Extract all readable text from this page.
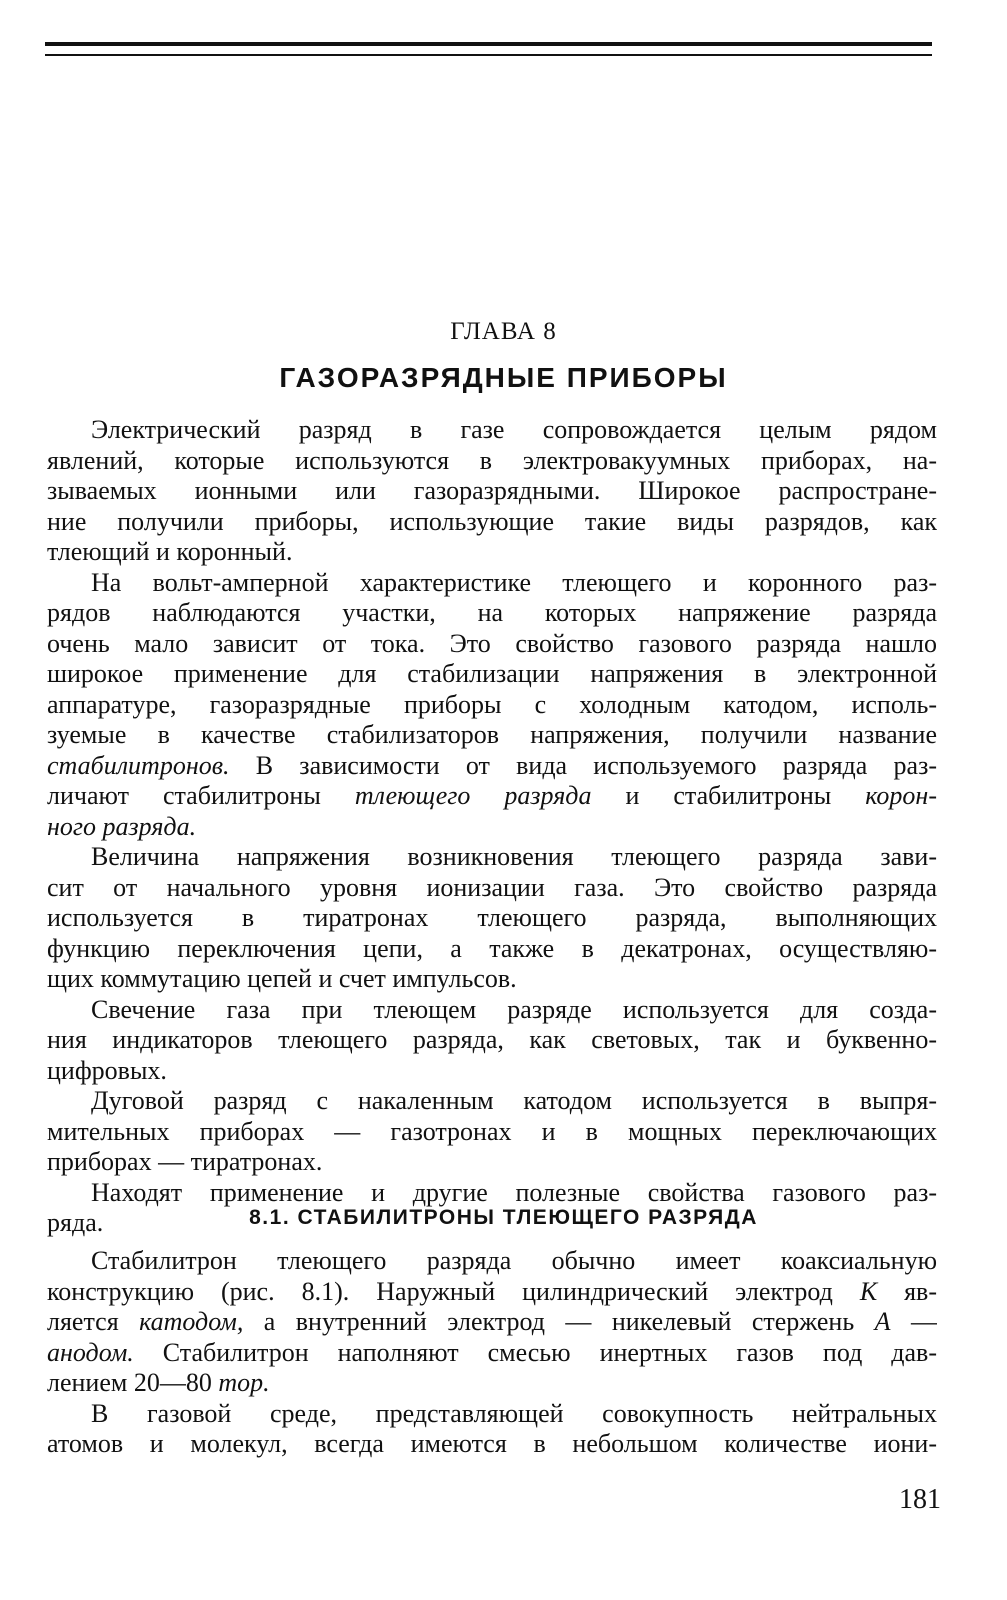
ГЛАВА 8
ГАЗОРАЗРЯДНЫЕ ПРИБОРЫ
Электрический разряд в газе сопровождается целым рядом
явлений, которые используются в электровакуумных приборах, на-
зываемых ионными или газоразрядными. Широкое распростране-
ние получили приборы, использующие такие виды разрядов, как
тлеющий и коронный.
На вольт-амперной характеристике тлеющего и коронного раз-
рядов наблюдаются участки, на которых напряжение разряда
очень мало зависит от тока. Это свойство газового разряда нашло
широкое применение для стабилизации напряжения в электронной
аппаратуре, газоразрядные приборы с холодным катодом, исполь-
зуемые в качестве стабилизаторов напряжения, получили название
стабилитронов. В зависимости от вида используемого разряда раз-
личают стабилитроны тлеющего разряда и стабилитроны корон-
ного разряда.
Величина напряжения возникновения тлеющего разряда зави-
сит от начального уровня ионизации газа. Это свойство разряда
используется в тиратронах тлеющего разряда, выполняющих
функцию переключения цепи, а также в декатронах, осуществляю-
щих коммутацию цепей и счет импульсов.
Свечение газа при тлеющем разряде используется для созда-
ния индикаторов тлеющего разряда, как световых, так и буквенно-
цифровых.
Дуговой разряд с накаленным катодом используется в выпря-
мительных приборах — газотронах и в мощных переключающих
приборах — тиратронах.
Находят применение и другие полезные свойства газового раз-
ряда.	8.1. СТАБИЛИТРОНЫ ТЛЕЮЩЕГО РАЗРЯДА
Стабилитрон тлеющего разряда обычно имеет коаксиальную
конструкцию (рис. 8.1). Наружный цилиндрический электрод К яв-
ляется катодом, а внутренний электрод — никелевый стержень А —
анодом. Стабилитрон наполняют смесью инертных газов под дав-
лением 20—80 тор.
В газовой среде, представляющей совокупность нейтральных
атомов и молекул, всегда имеются в небольшом количестве иони-
181
